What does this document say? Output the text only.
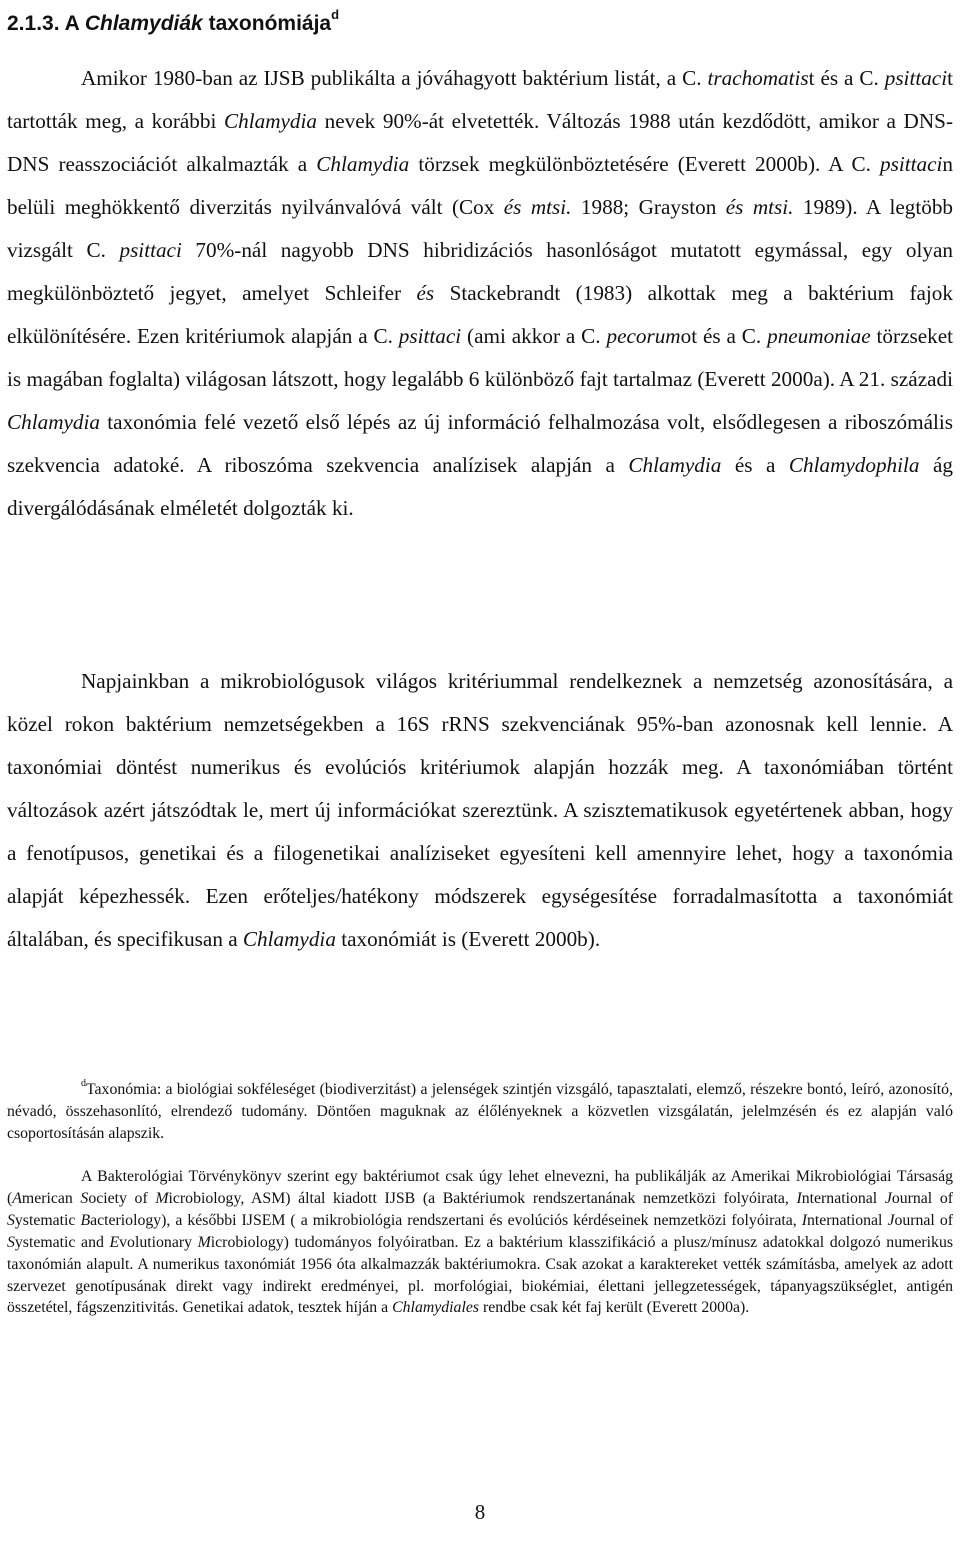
2.1.3. A Chlamydiák taxonómiája$^d$

Amikor 1980-ban az IJSB publikálta a jóváhagyott baktérium listát, a C. trachomatist és a C. psittacit tartották meg, a korábbi Chlamydia nevek 90%-át elvetették. Változás 1988 után kezdődött, amikor a DNS-DNS reasszociációt alkalmazták a Chlamydia törzsek megkülönböztetésére (Everett 2000b). A C. psittacin belüli meghökkentő diverzitás nyilvánvalóvá vált (Cox és mtsi. 1988; Grayston és mtsi. 1989). A legtöbb vizsgált C. psittaci 70%-nál nagyobb DNS hibridizációs hasonlóságot mutatott egymással, egy olyan megkülönböztető jegyet, amelyet Schleifer és Stackebrandt (1983) alkottak meg a baktérium fajok elkülönítésére. Ezen kritériumok alapján a C. psittaci (ami akkor a C. pecorumot és a C. pneumoniae törzseket is magában foglalta) világosan látszott, hogy legalább 6 különböző fajt tartalmaz (Everett 2000a). A 21. századi Chlamydia taxonómia felé vezető első lépés az új információ felhalmozása volt, elsődlegesen a riboszómális szekvencia adatoké. A riboszóma szekvencia analízisek alapján a Chlamydia és a Chlamydophila ág divergálódásának elméletét dolgozták ki.

Napjainkban a mikrobiológusok világos kritériummal rendelkeznek a nemzetség azonosítására, a közel rokon baktérium nemzetségekben a 16S rRNS szekvenciának 95%-ban azonosnak kell lennie. A taxonómiai döntést numerikus és evolúciós kritériumok alapján hozzák meg. A taxonómiában történt változások azért játszódtak le, mert új információkat szereztünk. A szisztematikusok egyetértenek abban, hogy a fenotípusos, genetikai és a filogenetikai analíziseket egyesíteni kell amennyire lehet, hogy a taxonómia alapját képezhessék. Ezen erőteljes/hatékony módszerek egységesítése forradalmasította a taxonómiát általában, és specifikusan a Chlamydia taxonómiát is (Everett 2000b).

$^d$Taxonómia: a biológiai sokféleséget (biodiverzitást) a jelenségek szintjén vizsgáló, tapasztalati, elemző, részekre bontó, leíró, azonosító, névadó, összehasonlító, elrendező tudomány. Döntően maguknak az élőlényeknek a közvetlen vizsgálatán, jelelmzésén és ez alapján való csoportosításán alapszik.

A Bakterológiai Törvénykönyv szerint egy baktériumot csak úgy lehet elnevezni, ha publikálják az Amerikai Mikrobiológiai Társaság (American Society of Microbiology, ASM) által kiadott IJSB (a Baktériumok rendszertanának nemzetközi folyóirata, International Journal of Systematic Bacteriology), a későbbi IJSEM ( a mikrobiológia rendszertani és evolúciós kérdéseinek nemzetközi folyóirata, International Journal of Systematic and Evolutionary Microbiology) tudományos folyóiratban. Ez a baktérium klasszifikáció a plusz/mínusz adatokkal dolgozó numerikus taxonómián alapult. A numerikus taxonómiát 1956 óta alkalmazzák baktériumokra. Csak azokat a karaktereket vették számításba, amelyek az adott szervezet genotípusának direkt vagy indirekt eredményei, pl. morfológiai, biokémiai, élettani jellegzetességek, tápanyagszükséglet, antigén összetétel, fágszenzitivitás. Genetikai adatok, tesztek híján a Chlamydiales rendbe csak két faj került (Everett 2000a).

8
